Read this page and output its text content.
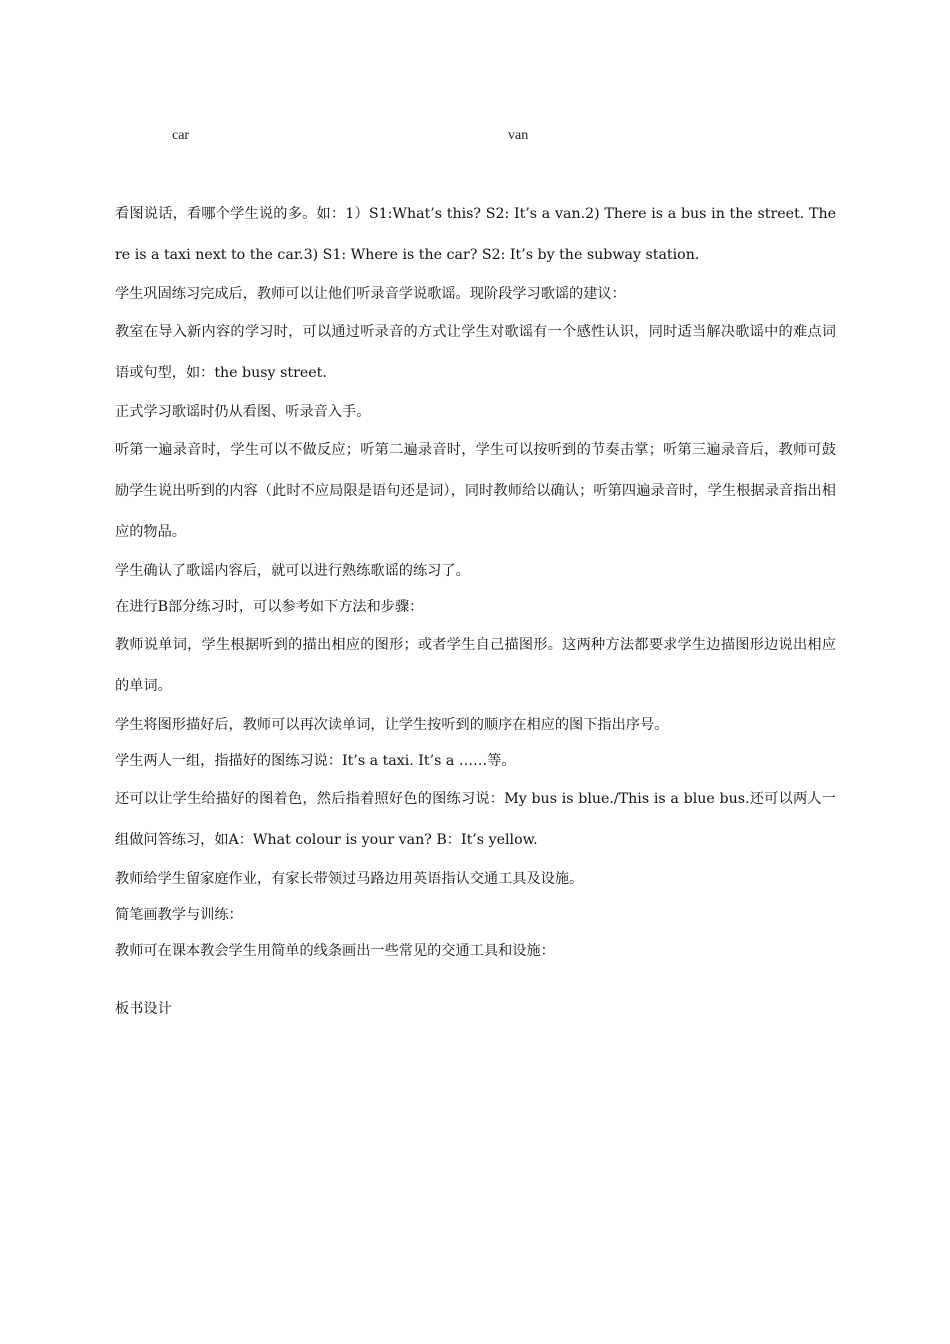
car	van

看图说话，看哪个学生说的多。如：1）S1:What’s this? S2: It’s a van.2) There is a bus in the street. There is a taxi next to the car.3) S1: Where is the car? S2: It’s by the subway station.

学生巩固练习完成后，教师可以让他们听录音学说歌谣。现阶段学习歌谣的建议：

教室在导入新内容的学习时，可以通过听录音的方式让学生对歌谣有一个感性认识，同时适当解决歌谣中的难点词语或句型，如：the busy street.

正式学习歌谣时仍从看图、听录音入手。

听第一遍录音时，学生可以不做反应；听第二遍录音时，学生可以按听到的节奏击掌；听第三遍录音后，教师可鼓励学生说出听到的内容（此时不应局限是语句还是词），同时教师给以确认；听第四遍录音时，学生根据录音指出相应的物品。

学生确认了歌谣内容后，就可以进行熟练歌谣的练习了。

在进行B部分练习时，可以参考如下方法和步骤：

教师说单词，学生根据听到的描出相应的图形；或者学生自己描图形。这两种方法都要求学生边描图形边说出相应的单词。

学生将图形描好后，教师可以再次读单词，让学生按听到的顺序在相应的图下指出序号。

学生两人一组，指描好的图练习说：It’s a taxi. It’s a ……等。

还可以让学生给描好的图着色，然后指着照好色的图练习说：My bus is blue./This is a blue bus.还可以两人一组做问答练习，如A：What colour is your van? B：It’s yellow.

教师给学生留家庭作业，有家长带领过马路边用英语指认交通工具及设施。

简笔画教学与训练：

教师可在课本教会学生用简单的线条画出一些常见的交通工具和设施：

板书设计
